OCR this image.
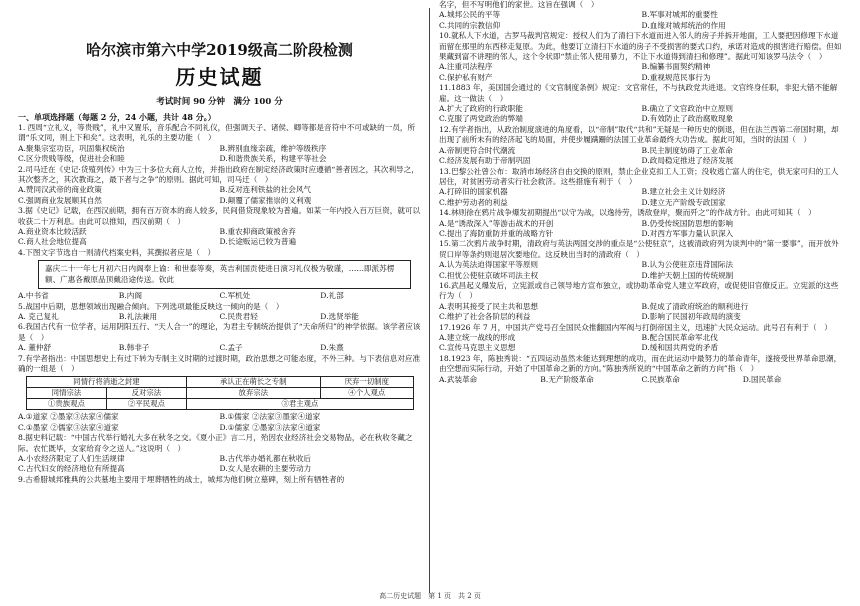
哈尔滨市第六中学2019级高二阶段检测
历史试题
考试时间 90 分钟　满分 100 分
一、单项选择题（每题 2 分，24 小题，共计 48 分。）

1. 西周“立礼义，等贵贱”，礼中又置乐，音乐配合不同礼仪，但强调天子、诸侯、卿等都是音符中不可或缺的一员，所谓“乐文同，则上下和矣”。这表明，礼乐的主要功能（　）

A.聚集宗室功臣，巩固集权统治	B.辨别血缘亲疏，维护等级秩序
C.区分贵贱等级，促进社会和睦	D.和谐贵族关系，构建平等社会

2.司马迁在《史记·货殖列传》中为三十多位大商人立传，并指出政府在制定经济政策时应遵循“善者因之，其次利导之，其次整齐之，其次教诲之，最下者与之争”的原则。据此可知，司马迁（　）

A.赞同汉武帝的商业政策	B.反对连利铁盐的社会风气
C.强调商业发展顺其自然	D.颠覆了儒家推崇的义利观

3.据《史记》记载，在西汉前期，拥有百万资本的商人较多，民间借贷现象较为普遍。如某一年内投入百万巨资，就可以收获二十万利息。由此可以推知，西汉前期（　）

A.商业资本比较活跃	B.重农抑商政策被舍弃
C.商人社会地位提高	D.长途贩运已较为普遍

4.下图文字节选自一则清代档案史料，其撰拟者应是（　）

嘉庆二十一年七月初六日内阁奉上谕：和世泰等奏，英吉利国贡使进日演习礼仪极为敬谨，……即派苏楞额、广惠各戴原品顶戴沿途传送。钦此
A.中书省	B.内阁	C.军机处	D.礼部

5.战国中后期，思想领域出现融合倾向。下列选项最能反映这一倾向的是（　）

A. 克己复礼	B.礼法兼用	C.民贵君轻	D.选贤举能

6.我国古代有一位学者，运用阴阳五行、“天人合一”的理论，为君主专制统治提供了“天命所归”的神学依据。该学者应该是（　）

A. 董仲舒	B.韩非子	C.孟子	D.朱熹

7.有学者指出：中国思想史上有过下转为专制主义时期的过渡时期，政治思想之可能态度，不外三种。与下表信息对应准确的一组是（　）

同情行将消逝之封建		承认正在萌长之专制	厌弃一切制度
同情宗法	反对宗法	放弃宗法	④个人观点
①贵族观点	②平民观点	③君主观点	
A.①道家 ②墨家③法家④儒家	B.①儒家 ②法家③墨家④道家
C.①墨家 ②儒家③法家④道家	D.①儒家 ②墨家③法家④道家

8.据史料记载：“中国古代举行婚礼大多在秋冬之交。《夏小正》言二月，殆因农业经济社会交易物品，必在秋收冬藏之际。农忙既毕，女家给育令之送人。”这说明（　）

A.小农经济限定了人们生活规律	B.古代举办婚礼都在秋收后
C.古代妇女的经济地位有所提高	D.女人是农耕的主要劳动力

9.古希腊城邦雅典的公共墓地主要用于埋葬牺牲的战士，城邦为他们树立墓碑，刻上所有牺牲者的

名字，但不写明他们的家世。这旨在强调（　）

A.城邦公民的平等	B.军事对城邦的重要性
C.共同的宗教信仰	D.血缘对城邦统治的作用

10.就私人下水道，古罗马裁判官规定：授权人们为了清扫下水道而进入邻人的房子并拆开地面，工人要把因修理下水道而留在那里的东西移走复原。为此，他要订立清扫下水道的房子不受损害的要式口约，承诺对造成的损害进行赔偿。但如果藏到富不讲理的邻人，这个令状即“禁止邻人使用暴力，不让下水道得到清扫和修理”。据此可知该罗马法令（　）

A.注重司法程序	B.编纂书面契约精神
C.保护私有财产	D.重视规范民事行为

11.1883 年，美国国会通过的《文官制度条例》规定：文官常任，不与执政党共进退。文官终身任职，非犯大错不能解雇。这一做法（　）

A.扩大了政府的行政职能	B.确立了文官政治中立原则
C.克服了两党政治的弊端	D.有效防止了政治腐败现象

12.有学者指出，从政治制度演进的角度看，以“帝制”取代“共和”无疑是一种历史的倒退，但在法兰西第二帝国时期，却出现了前所未有的经济起飞的局面，并使步履蹒跚的法国工业革命最终大功告成。据此可知，当时的法国（　）

A.帝制更符合时代潮流	B.民主制度妨碍了工业革命
C.经济发展有助于帝制巩固	D.政局稳定推进了经济发展

13.巴黎公社曾公布：取消市场经济自由交换的原则，禁止企业克扣工人工资；没收逃亡富人的住宅，供无家可归的工人居住，对贫困劳动者实行社会救济。这些措施有利于（　）

A.打碎旧的国家机器	B.建立社会主义计划经济
C.维护劳动者的利益	D.建立无产阶级专政国家

14.林则徐在鸦片战争爆发初期提出“以守为战，以逸待劳，诱敌登岸，聚而歼之”的作战方针。由此可知其（　）

A.是“诱敌深入”等游击战术的开创	B.仍受传统国防思想的影响
C.提出了海防重防并重的战略方针	D.对西方军事力量认识深入

15.第二次鸦片战争时期，清政府与英法两国交涉的重点是“公使驻京”，这被清政府列为谈判中的“第一要事”，而开放外贸口岸等条约则退居次要地位。这反映出当时的清政府（　）

A.认为英法迫得国家平等原则	B.认为公使驻京违背国际法
C.担忧公使驻京破坏司法主权	D.维护天朝上国的传统规制

16.武昌起义爆发后，立宪派或自己领导地方宣布独立，或协助革命党人建立军政府，或促使旧官僚反正。立宪派的这些行为（　）

A.表明其接受了民主共和思想	B.促成了清政府统治的顺利进行
C.维护了社会各阶层的利益	D.影响了民国初年政局的演变

17.1926 年 7 月，中国共产党号召全国民众推翻国内军阀与打倒帝国主义，迅速扩大民众运动。此号召有利于（　）

A.建立统一战线的形成	B.配合国民革命军北伐
C.宣传马克思主义思想	D.缓和国共两党的矛盾

18.1923 年，陈独秀说：“五四运动虽然未能达到理想的成功，而在此运动中最努力的革命青年，遂接受世界革命思潮，由空想而实际行动，开始了中国革命之新的方向。”陈独秀所说的“中国革命之新的方向”指（　）

A.武装革命	B.无产阶级革命	C.民族革命	D.国民革命
高二历史试题　第 1 页　共 2 页
